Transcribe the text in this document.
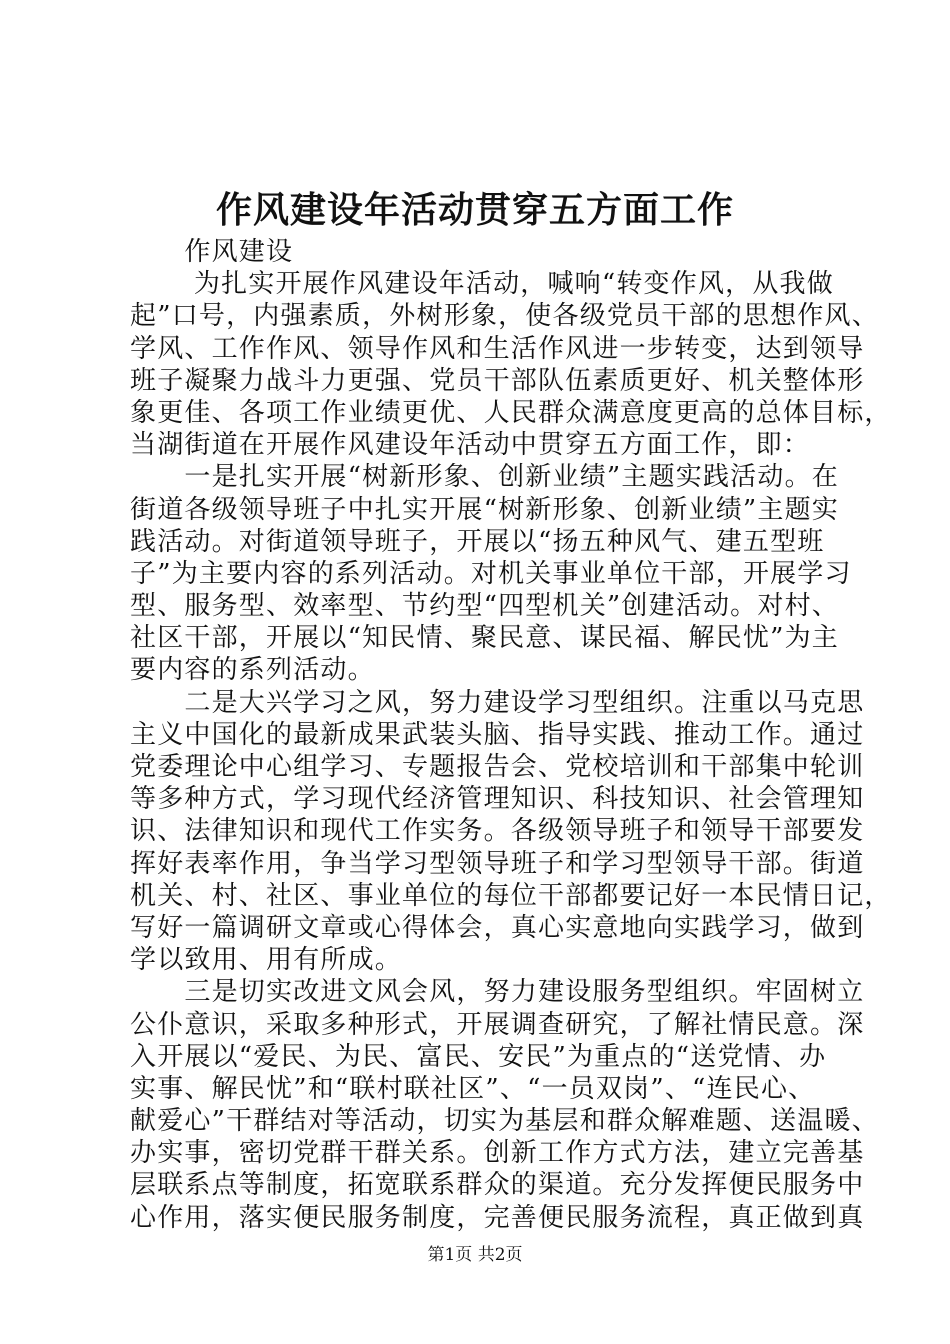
作风建设年活动贯穿五方面工作
　　作风建设
　　 为扎实开展作风建设年活动，喊响“转变作风，从我做
起”口号，内强素质，外树形象，使各级党员干部的思想作风、
学风、工作作风、领导作风和生活作风进一步转变，达到领导
班子凝聚力战斗力更强、党员干部队伍素质更好、机关整体形
象更佳、各项工作业绩更优、人民群众满意度更高的总体目标，
当湖街道在开展作风建设年活动中贯穿五方面工作，即：
　　一是扎实开展“树新形象、创新业绩”主题实践活动。在
街道各级领导班子中扎实开展“树新形象、创新业绩”主题实
践活动。对街道领导班子，开展以“扬五种风气、建五型班
子”为主要内容的系列活动。对机关事业单位干部，开展学习
型、服务型、效率型、节约型“四型机关”创建活动。对村、
社区干部，开展以“知民情、聚民意、谋民福、解民忧”为主
要内容的系列活动。
　　二是大兴学习之风，努力建设学习型组织。注重以马克思
主义中国化的最新成果武装头脑、指导实践、推动工作。通过
党委理论中心组学习、专题报告会、党校培训和干部集中轮训
等多种方式，学习现代经济管理知识、科技知识、社会管理知
识、法律知识和现代工作实务。各级领导班子和领导干部要发
挥好表率作用，争当学习型领导班子和学习型领导干部。街道
机关、村、社区、事业单位的每位干部都要记好一本民情日记，
写好一篇调研文章或心得体会，真心实意地向实践学习，做到
学以致用、用有所成。
　　三是切实改进文风会风，努力建设服务型组织。牢固树立
公仆意识，采取多种形式，开展调查研究，了解社情民意。深
入开展以“爱民、为民、富民、安民”为重点的“送党情、办
实事、解民忧”和“联村联社区”、“一员双岗”、“连民心、
献爱心”干群结对等活动，切实为基层和群众解难题、送温暖、
办实事，密切党群干群关系。创新工作方式方法，建立完善基
层联系点等制度，拓宽联系群众的渠道。充分发挥便民服务中
心作用，落实便民服务制度，完善便民服务流程，真正做到真
第1页 共2页
